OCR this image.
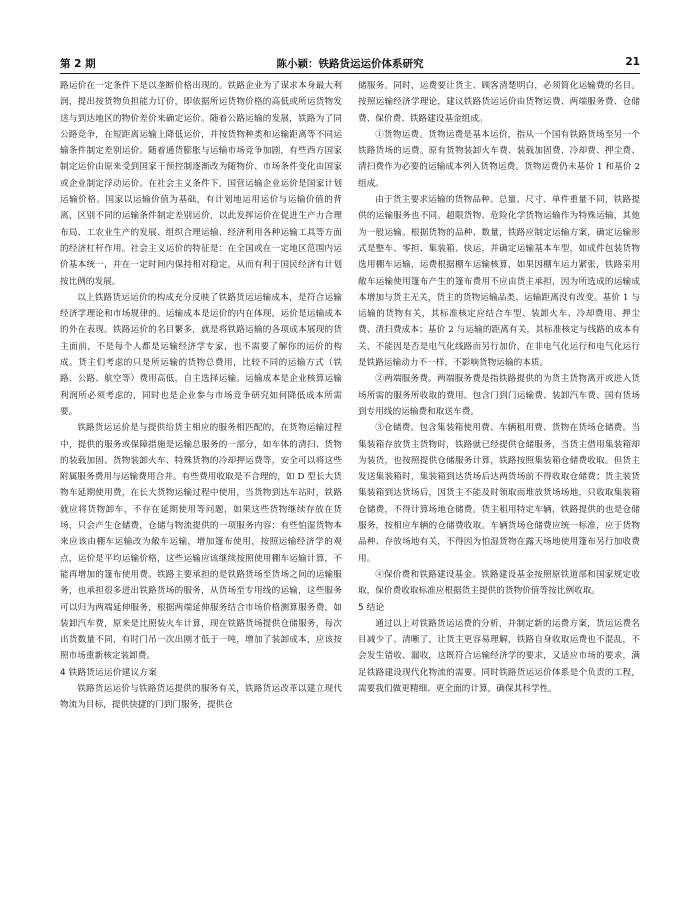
第 2 期	陈小颖：铁路货运运价体系研究	21

路运价在一定条件下是以垄断价格出现的。铁路企业为了谋求本身最大利润，提出按货物负担能力订价，即依据所运货物价格的高低或所运货物发送与到达地区的物价差价来确定运价。随着公路运输的发展，铁路为了同公路竞争，在短距离运输上降低运价，并按货物种类和运输距离等不同运输条件制定差别运价。随着通货膨胀与运输市场竞争加剧，有些西方国家制定运价由原来受到国家干预控制逐渐改为随物价、市场条件变化由国家或企业制定浮动运价。在社会主义条件下，国营运输企业运价是国家计划运输价格。国家以运输价值为基础，有计划地运用运价与运输价值的背离，区别不同的运输条件制定差别运价，以此发挥运价在促进生产力合理布局、工农业生产的发展、组织合理运输、经济利用各种运输工具等方面的经济杠杆作用。社会主义运价的特征是：在全国或在一定地区范围内运价基本统一，并在一定时间内保持相对稳定，从而有利于国民经济有计划按比例的发展。

以上铁路货运运价的构成充分反映了铁路货运运输成本，是符合运输经济学理论和市场规律的。运输成本是运价的内在体现，运价是运输成本的外在表现。铁路运价的名目繁多，就是将铁路运输的各项成本展现的货主面前，不是每个人都是运输经济学专家，也不需要了解你的运价的构成。货主们考虑的只是所运输的货物总费用，比较不同的运输方式（铁路、公路、航空等）费用高低，自主选择运输。运输成本是企业核算运输利润所必须考虑的，同时也是企业参与市场竞争研究如何降低成本所需要。

铁路货运运价是与提供给货主相应的服务相匹配的，在货物运输过程中，提供的服务或保障措施是运输总服务的一部分，如车体的清扫、货物的装载加固、货物装卸火车、特殊货物的冷却押运费等，安全可以将这些附属服务费用与运输费用合并。有些费用收取是不合理的，如 D 型长大货物车延期使用费，在长大货物运输过程中使用，当货物到达车站时，铁路就应将货物卸车，不存在延期使用等问题，如果这些货物继续存放在货场，只会产生仓储费，仓储与物流提供的一项服务内容；有些怕湿货物本来应该由棚车运输改为敞车运输，增加篷布使用，按照运输经济学的观点，运价是平均运输价格，这些运输应该继续按照使用棚车运输计算，不能再增加的篷布使用费。铁路主要承担的是铁路货场至货场之间的运输服务，也承担很多进出铁路货场的服务，从货场至专用线的运输，这些服务可以归为两端延伸服务，根据两端延伸服务结合市场价格测算服务费，如装卸汽车费，原来是比照装火车计算，现在铁路货场提供仓储服务，每次出货数量不同，有时门吊一次出刚才低于一吨，增加了装卸成本，应该按照市场重新核定装卸费。

4 铁路货运运价建议方案

铁路货运运价与铁路货运提供的服务有关，铁路货运改革以建立现代物流为目标，提供快捷的门到门服务，提供仓

储服务。同时，运费要让货主、顾客清楚明白，必须简化运输费的名目。按照运输经济学理论，建议铁路货运运价由货物运费、两端服务费、仓储费、保价费、铁路建设基金组成。

①货物运费。货物运费是基本运价，指从一个国有铁路货场至另一个铁路货场的运费。原有货物装卸火车费、装载加固费、冷却费、押尘费、清扫费作为必要的运输成本列入货物运费。货物运费仍未基价 1 和基价 2 组成。

由于货主要求运输的货物品种、总量、尺寸、单件重量不同，铁路提供的运输服务也不同。超限货物、危险化学货物运输作为特殊运输，其他为一般运输。根据货物的品种、数量，铁路应制定运输方案，确定运输形式是整车、零担、集装箱、快运，并确定运输基本车型，如成件包装货物选用棚车运输，运费根据棚车运输核算，如果因棚车运力紧张，铁路采用敞车运输使用篷布产生的篷布费用不应由货主承担，因为所选成的运输成本增加与货主无关，货主的货物运输品类、运输距离没有改变。基价 1 与运输的货物有关，其标准核定应结合车型、装卸火车、冷却费用、押尘费、清扫费成本；基价 2 与运输的距离有关，其标准核定与线路的成本有关，不能因是否是电气化线路而另行加价，在非电气化运行和电气化运行是铁路运输动力不一样，不影响货物运输的本质。

②两端服务费。两端服务费是指铁路提供的为货主货物离开或进入货场所需的服务所收取的费用。包含门到门运输费、装卸汽车费、国有货场到专用线的运输费和取送车费。

③仓储费。包含集装箱使用费、车辆租用费、货物在货场仓储费。当集装箱存放货主货物时，铁路就已经提供仓储服务，当货主借用集装箱却为装货，也按照提供仓储服务计算，铁路按照集装箱仓储费收取。但货主发送集装箱时，集装箱到达货场后达两货场前不得收取仓储费；货主装货集装箱到达货场后，因货主不能及时领取而堆放货场场地，只收取集装箱仓储费，不得计算场地仓储费。货主租用特定车辆，铁路提供的也是仓储服务，按相应车辆的仓储费收取。车辆货场仓储费应统一标准，应于货物品种、存放场地有关，不得因为怕湿货物在露天场地使用篷布另行加收费用。

④保价费和铁路建设基金。铁路建设基金按照原铁道部和国家规定收取，保价费收取标准应根据货主提供的货物价值等按比例收取。

5 结论

通过以上对铁路货运运费的分析，并制定新的运费方案，货运运费名目减少了、清晰了，让货主更容易理解，铁路自身收取运费也不混乱，不会发生错收、漏收，这既符合运输经济学的要求，又适应市场的要求，满足铁路建设现代化物流的需要。同时铁路货运运价体系是个负责的工程，需要我们做更精细、更全面的计算，确保其科学性。
